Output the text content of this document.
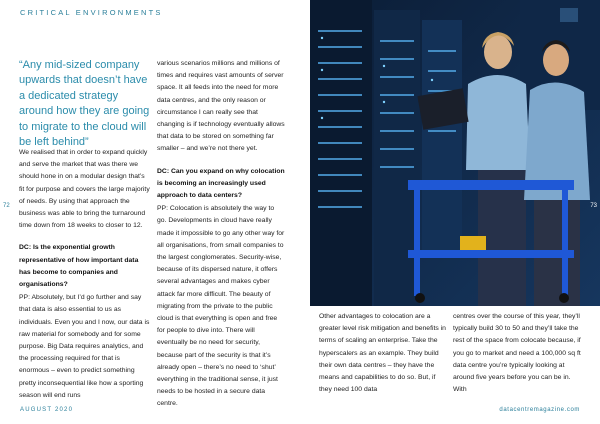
CRITICAL ENVIRONMENTS
72
“Any mid-sized company upwards that doesn’t have a dedicated strategy around how they are going to migrate to the cloud will be left behind”

We realised that in order to expand quickly and serve the market that was there we should hone in on a modular design that’s fit for purpose and covers the large majority of needs. By using that approach the business was able to bring the turnaround time down from 18 weeks to closer to 12.

DC: Is the exponential growth representative of how important data has become to companies and organisations?

PP: Absolutely, but I’d go further and say that data is also essential to us as individuals. Even you and I now, our data is raw material for somebody and for some purpose. Big Data requires analytics, and the processing required for that is enormous – even to predict something pretty inconsequential like how a sporting season will end runs

various scenarios millions and millions of times and requires vast amounts of server space. It all feeds into the need for more data centres, and the only reason or circumstance I can really see that changing is if technology eventually allows that data to be stored on something far smaller – and we’re not there yet.

DC: Can you expand on why colocation is becoming an increasingly used approach to data centers?

PP: Colocation is absolutely the way to go. Developments in cloud have really made it impossible to go any other way for all organisations, from small companies to the largest conglomerates. Security-wise, because of its dispersed nature, it offers several advantages and makes cyber attack far more difficult. The beauty of migrating from the private to the public cloud is that everything is open and free for people to dive into. There will eventually be no need for security, because part of the security is that it’s already open – there’s no need to ‘shut’ everything in the traditional sense, it just needs to be hosted in a secure data centre.

73

Other advantages to colocation are a greater level risk mitigation and benefits in terms of scaling an enterprise. Take the hyperscalers as an example. They build their own data centres – they have the means and capabilities to do so. But, if they need 100 data

centres over the course of this year, they’ll typically build 30 to 50 and they’ll take the rest of the space from colocate because, if you go to market and need a 100,000 sq ft data centre you’re typically looking at around five years before you can be in. With

AUGUST 2020	datacentremagazine.com
